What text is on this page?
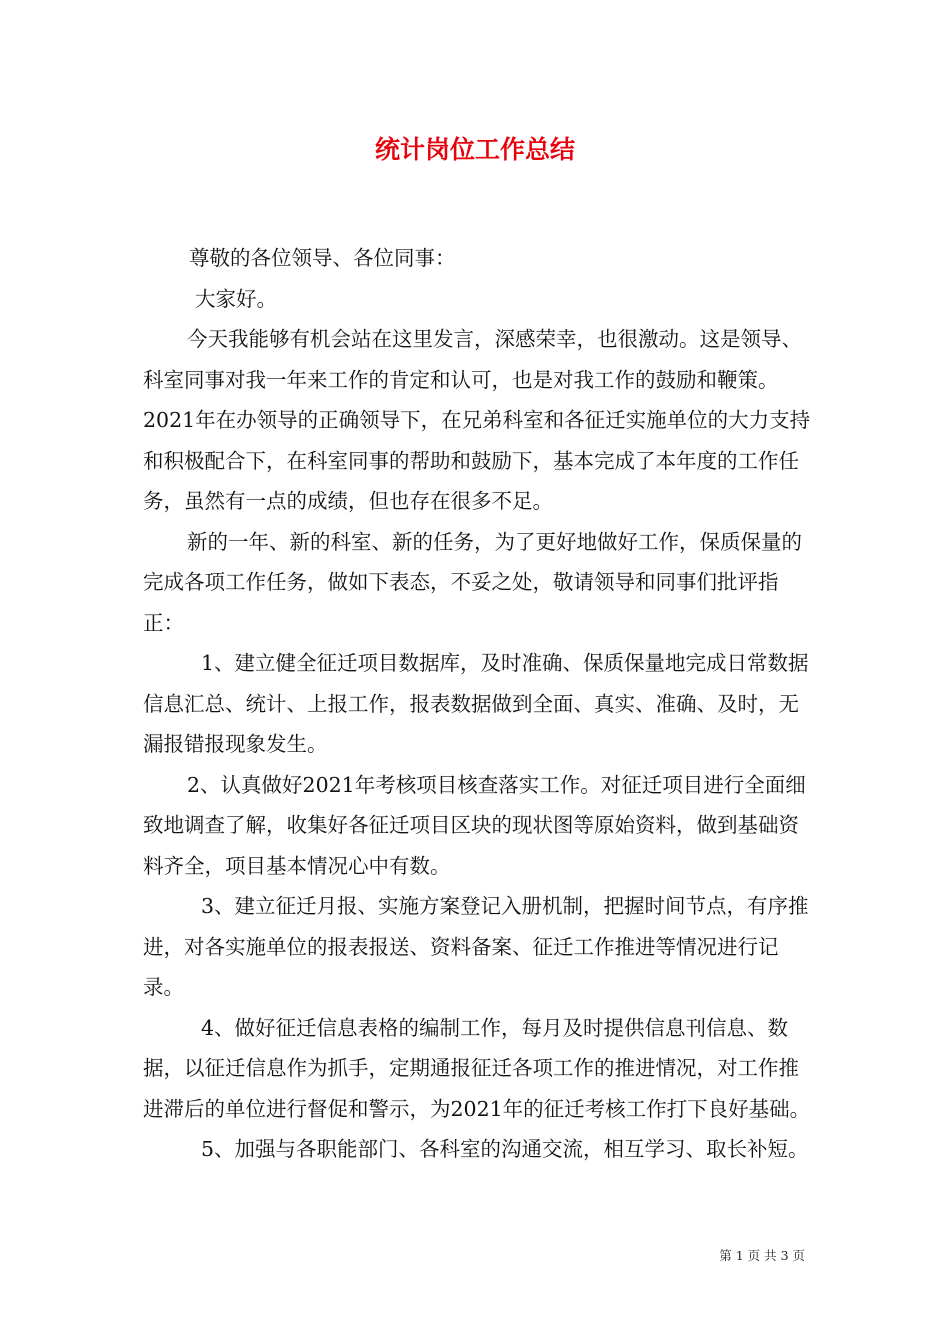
统计岗位工作总结

尊敬的各位领导、各位同事：

大家好。

今天我能够有机会站在这里发言，深感荣幸，也很激动。这是领导、科室同事对我一年来工作的肯定和认可，也是对我工作的鼓励和鞭策。2021年在办领导的正确领导下，在兄弟科室和各征迁实施单位的大力支持和积极配合下，在科室同事的帮助和鼓励下，基本完成了本年度的工作任务，虽然有一点的成绩，但也存在很多不足。

新的一年、新的科室、新的任务，为了更好地做好工作，保质保量的完成各项工作任务，做如下表态，不妥之处，敬请领导和同事们批评指正：

1、建立健全征迁项目数据库，及时准确、保质保量地完成日常数据信息汇总、统计、上报工作，报表数据做到全面、真实、准确、及时，无漏报错报现象发生。

2、认真做好2021年考核项目核查落实工作。对征迁项目进行全面细致地调查了解，收集好各征迁项目区块的现状图等原始资料，做到基础资料齐全，项目基本情况心中有数。

3、建立征迁月报、实施方案登记入册机制，把握时间节点，有序推进，对各实施单位的报表报送、资料备案、征迁工作推进等情况进行记录。

4、做好征迁信息表格的编制工作，每月及时提供信息刊信息、数据，以征迁信息作为抓手，定期通报征迁各项工作的推进情况，对工作推进滞后的单位进行督促和警示，为2021年的征迁考核工作打下良好基础。

5、加强与各职能部门、各科室的沟通交流，相互学习、取长补短。

第 1 页 共 3 页
